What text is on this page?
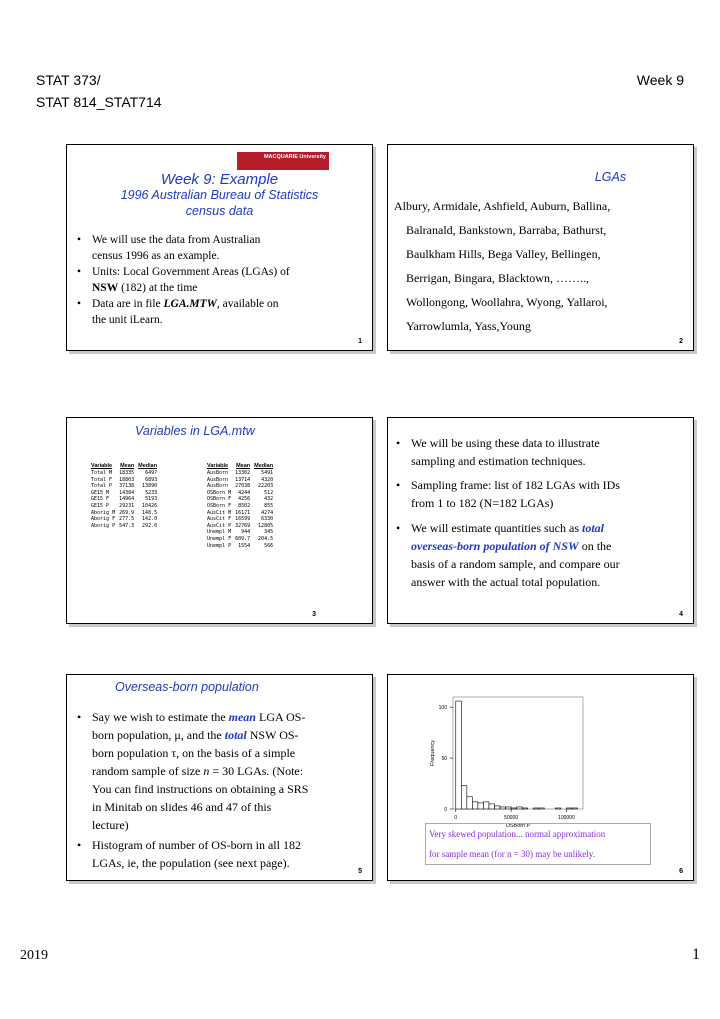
STAT 373/
STAT 814_STAT714
Week 9
MACQUARIE University
Week 9: Example
1996 Australian Bureau of Statistics
census data
• We will use the data from Australian
census 1996 as an example.
• Units: Local Government Areas (LGAs) of
NSW (182) at the time
• Data are in file LGA.MTW, available on
the unit iLearn.
1
LGAs
Albury, Armidale, Ashfield, Auburn, Ballina,
Balranald, Bankstown, Barraba, Bathurst,
Baulkham Hills, Bega Valley, Bellingen,
Berrigan, Bingara, Blacktown, ……..,
Wollongong, Woollahra, Wyong, Yallaroi,
Yarrowlumla, Yass,Young
2
Variables in LGA.mtw
Variable	Mean	Median
Total M	18335	6497
Total F	18803	6893
Total P	37138	13890
GE15 M	14384	5233
GE15 F	14964	5193
GE15 P	29231	10426
Aborig M	269.9	148.5
Aborig F	277.5	142.0
Aborig P	547.3	292.0
Variable	Mean	Median
AusBorn	13302	5491
AusBorn	13714	4320
AusBorn	27038	22203
OSBorn M	4244	512
OSBorn F	4256	432
OSBorn F	8502	855
AusCit M	16171	4274
AusCit F	16599	6330
AusCit P	32769	12805
Unempl M	944	345
Unempl F	609.7	204.5
Unempl P	1554	566
3
• We will be using these data to illustrate
sampling and estimation techniques.
• Sampling frame: list of 182 LGAs with IDs
from 1 to 182 (N=182 LGAs)
• We will estimate quantities such as total
overseas-born population of NSW on the
basis of a random sample, and compare our
answer with the actual total population.
4
Overseas-born population
• Say we wish to estimate the mean LGA OS-
born population, μ, and the total NSW OS-
born population τ, on the basis of a simple
random sample of size n = 30 LGAs. (Note:
You can find instructions on obtaining a SRS
in Minitab on slides 46 and 47 of this
lecture)
• Histogram of number of OS-born in all 182
LGAs, ie, the population (see next page).
5
0
50
100
0	50000	100000
OSBorn P
Frequency
Very skewed population... normal approximation
for sample mean (for n = 30) may be unlikely.
6
2019	1
